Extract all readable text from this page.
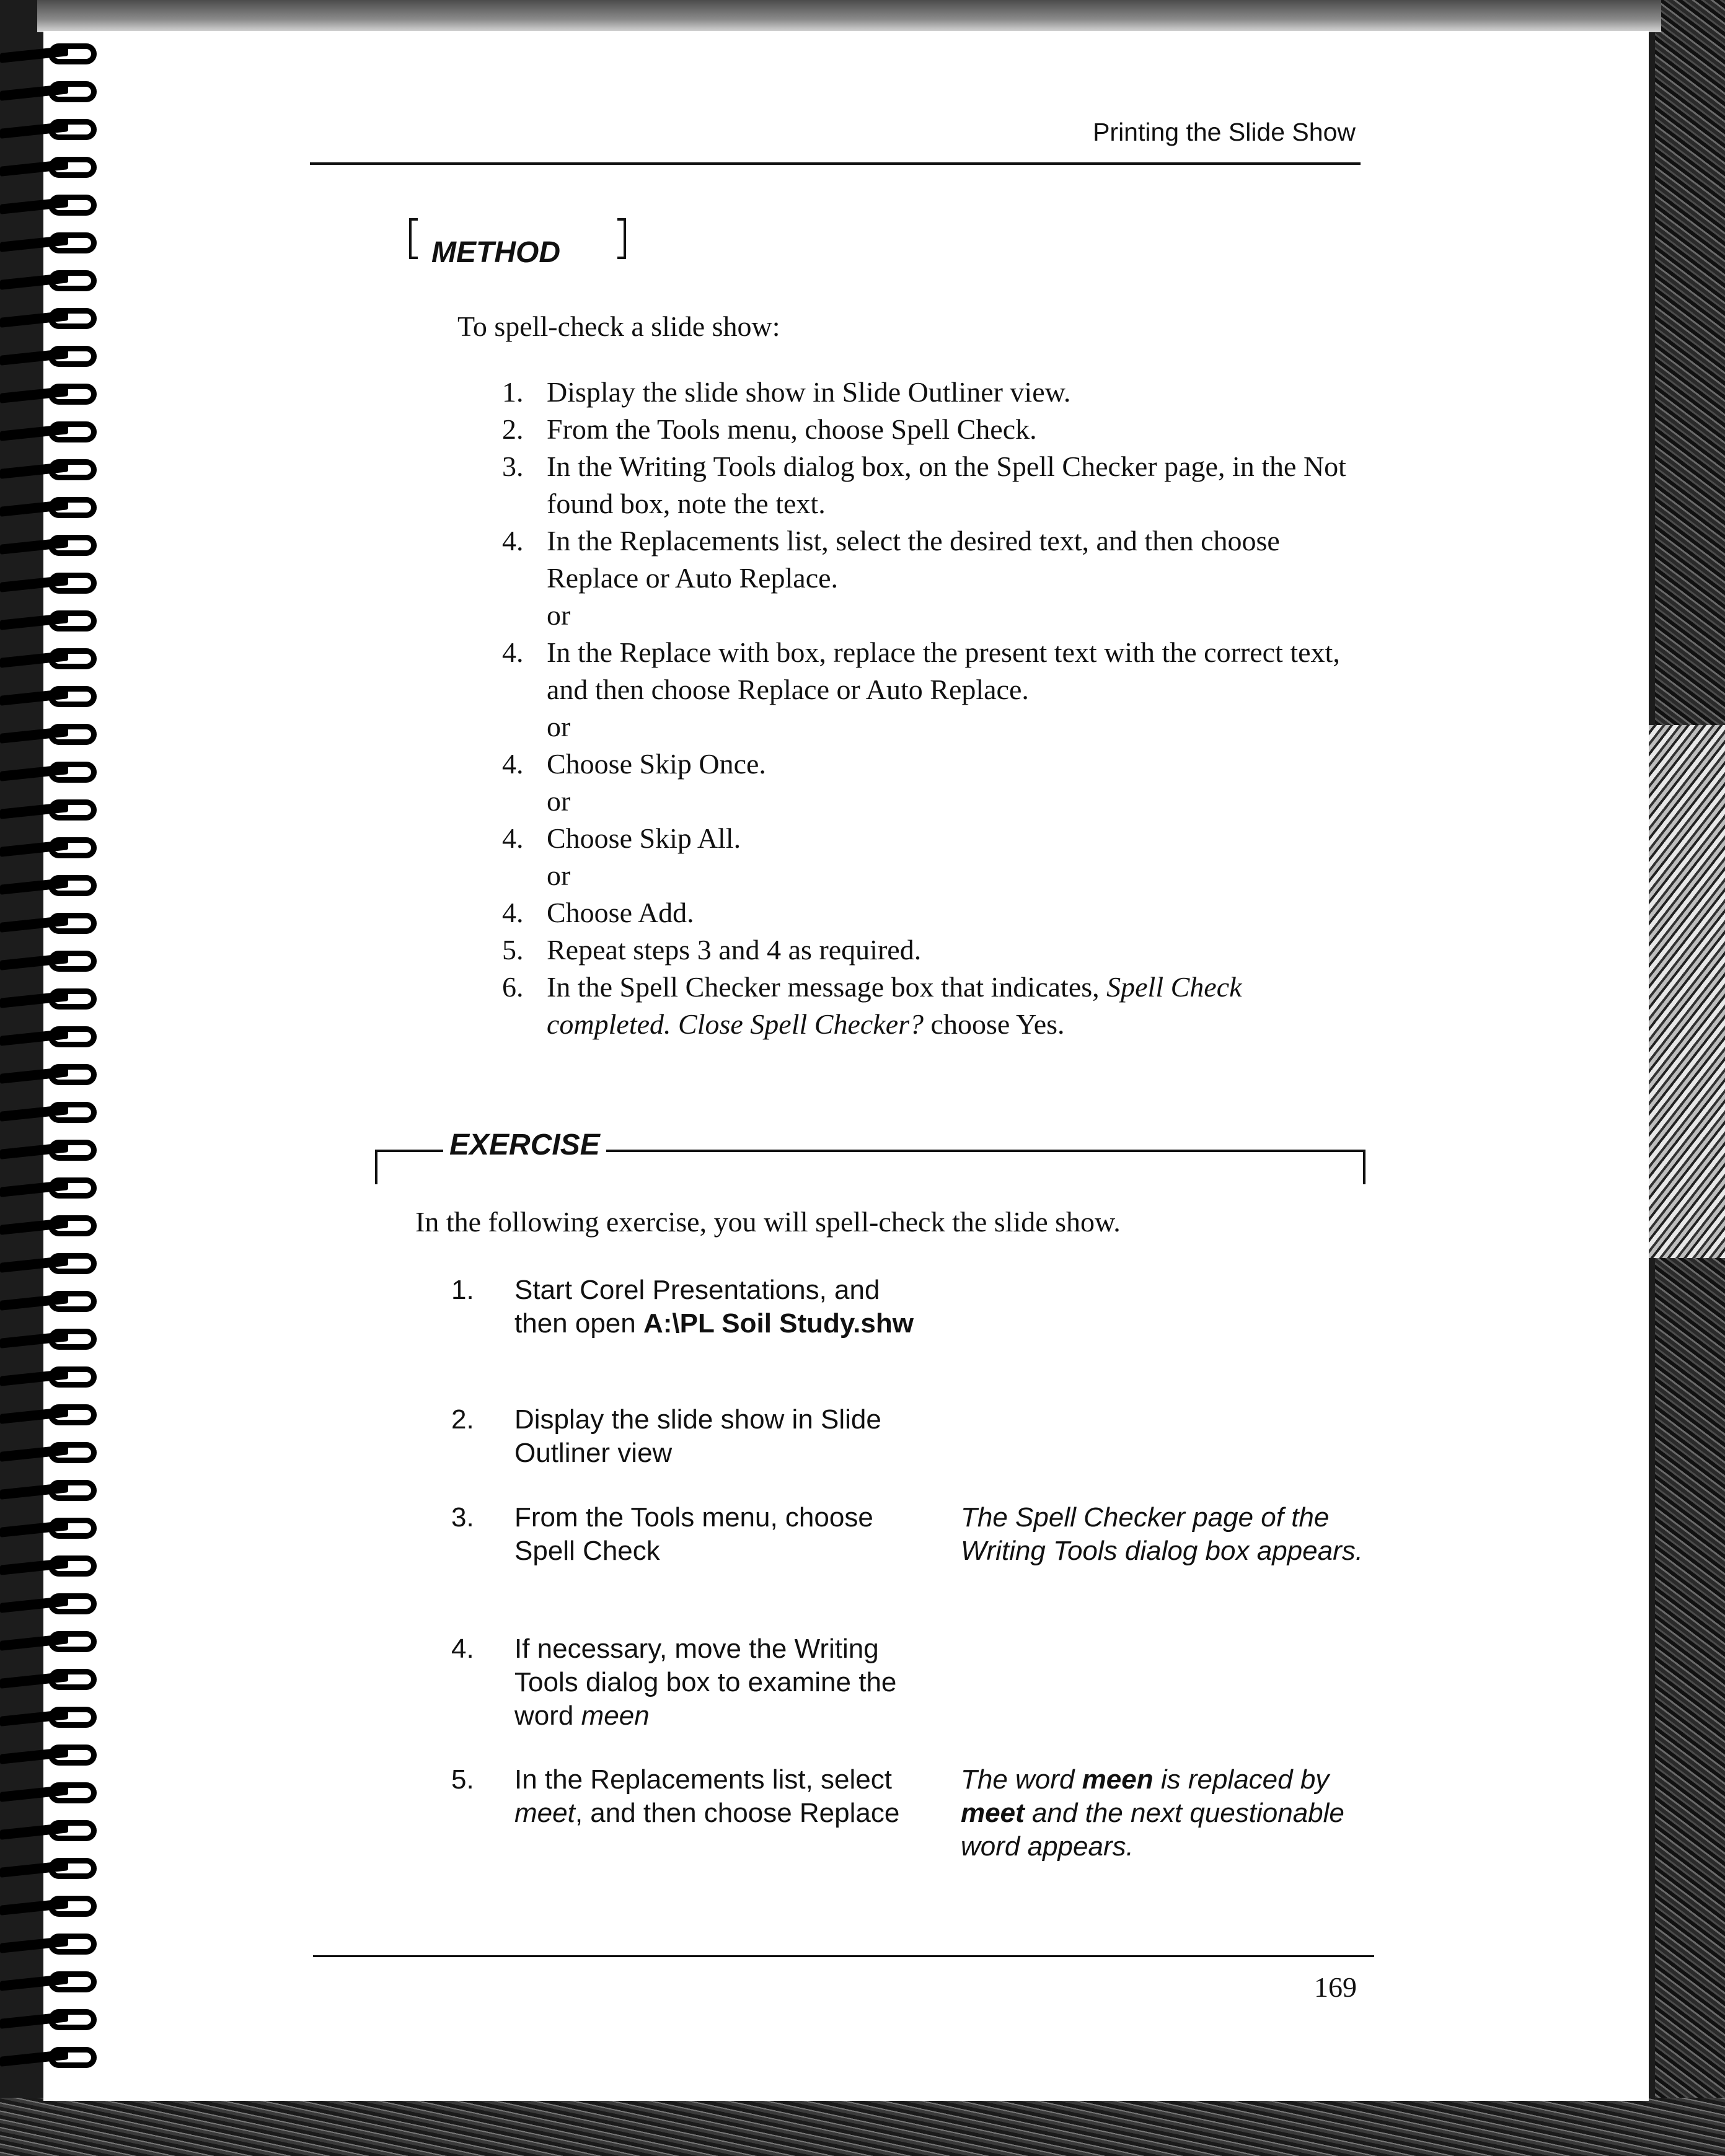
Printing the Slide Show
METHOD
To spell-check a slide show:
1. Display the slide show in Slide Outliner view.
2. From the Tools menu, choose Spell Check.
3. In the Writing Tools dialog box, on the Spell Checker page, in the Not found box, note the text.
4. In the Replacements list, select the desired text, and then choose Replace or Auto Replace.
or
4. In the Replace with box, replace the present text with the correct text, and then choose Replace or Auto Replace.
or
4. Choose Skip Once.
or
4. Choose Skip All.
or
4. Choose Add.
5. Repeat steps 3 and 4 as required.
6. In the Spell Checker message box that indicates, Spell Check completed. Close Spell Checker? choose Yes.
EXERCISE
In the following exercise, you will spell-check the slide show.
1. Start Corel Presentations, and then open A:\PL Soil Study.shw
2. Display the slide show in Slide Outliner view
3. From the Tools menu, choose Spell Check
The Spell Checker page of the Writing Tools dialog box appears.
4. If necessary, move the Writing Tools dialog box to examine the word meen
5. In the Replacements list, select meet, and then choose Replace
The word meen is replaced by meet and the next questionable word appears.
169
